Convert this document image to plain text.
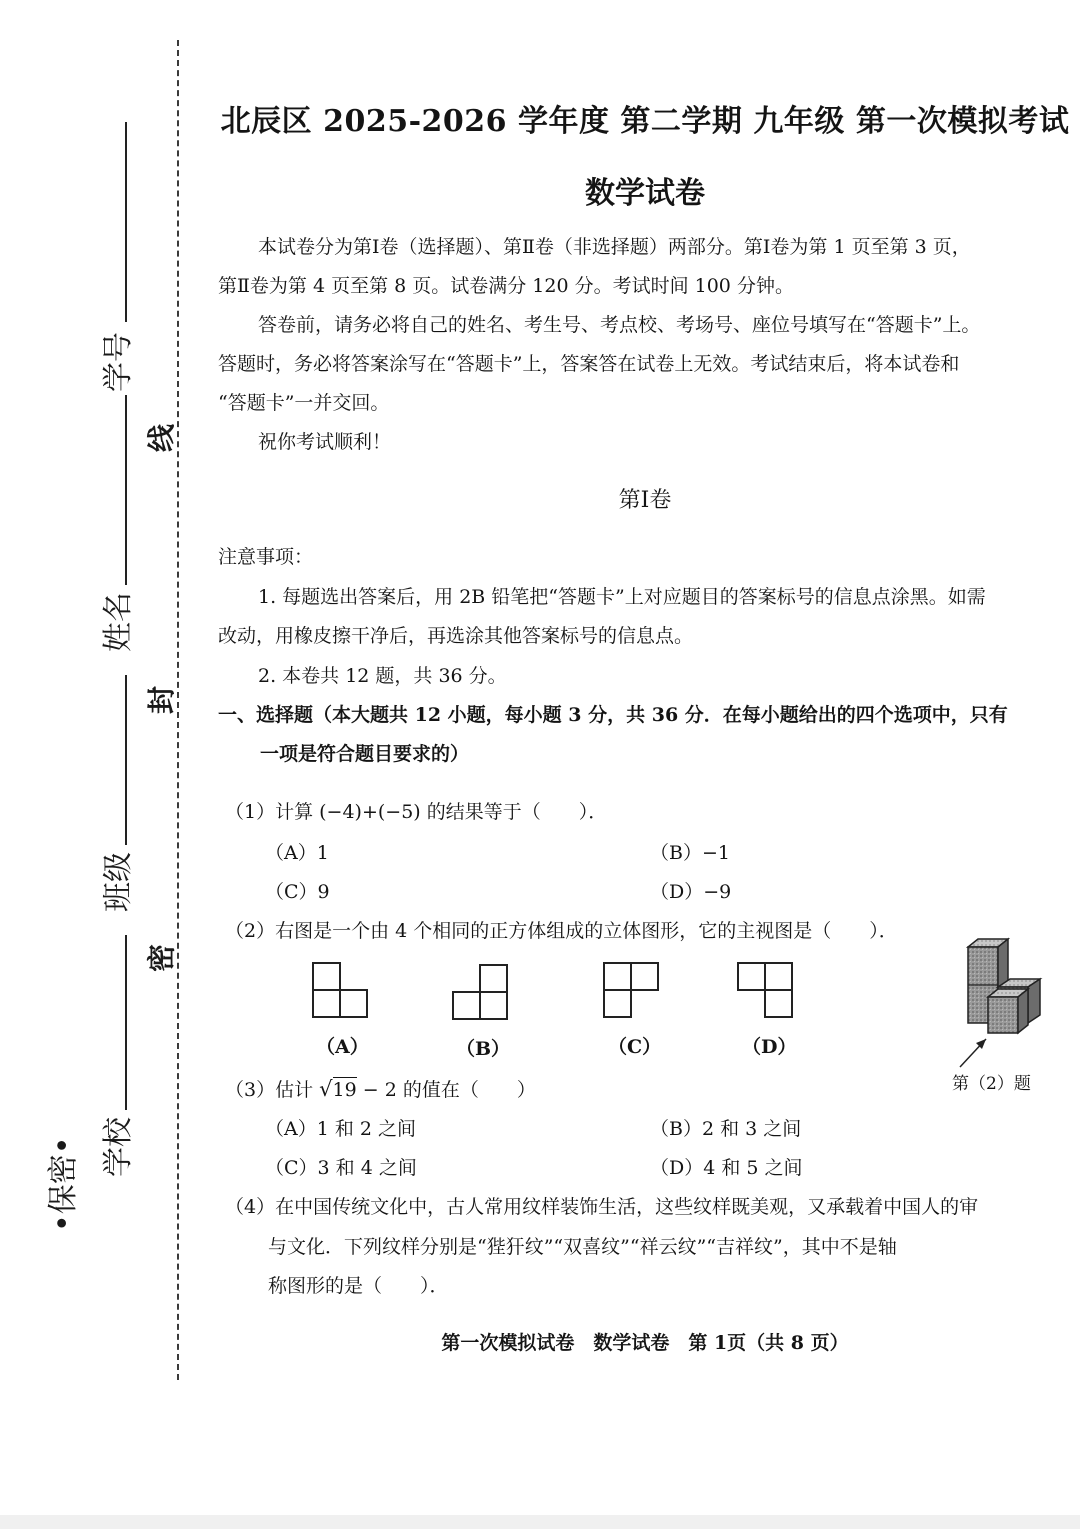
•保密• 学校
班级
姓名
学号
密
封
线
北辰区 2025-2026 学年度 第二学期 九年级 第一次模拟考试
数学试卷
本试卷分为第Ⅰ卷（选择题）、第Ⅱ卷（非选择题）两部分。第Ⅰ卷为第 1 页至第 3 页，
第Ⅱ卷为第 4 页至第 8 页。试卷满分 120 分。考试时间 100 分钟。
答卷前，请务必将自己的姓名、考生号、考点校、考场号、座位号填写在“答题卡”上。
答题时，务必将答案涂写在“答题卡”上，答案答在试卷上无效。考试结束后，将本试卷和
“答题卡”一并交回。
祝你考试顺利！
第Ⅰ卷
注意事项：
1. 每题选出答案后，用 2B 铅笔把“答题卡”上对应题目的答案标号的信息点涂黑。如需
改动，用橡皮擦干净后，再选涂其他答案标号的信息点。
2. 本卷共 12 题，共 36 分。
一、选择题（本大题共 12 小题，每小题 3 分，共 36 分．在每小题给出的四个选项中，只有
一项是符合题目要求的）
（1）计算 (−4)+(−5) 的结果等于（　　）．
（A）1	（B）−1
（C）9	（D）−9
（2）右图是一个由 4 个相同的正方体组成的立体图形，它的主视图是（　　）．
（A）	（B）	（C）	（D）
第（2）题
（3）估计 √19 − 2 的值在（　　）
（A）1 和 2 之间	（B）2 和 3 之间
（C）3 和 4 之间	（D）4 和 5 之间
（4）在中国传统文化中，古人常用纹样装饰生活，这些纹样既美观，又承载着中国人的审
与文化．下列纹样分别是“狴犴纹”“双喜纹”“祥云纹”“吉祥纹”，其中不是轴
称图形的是（　　）．
第一次模拟试卷　数学试卷　第 1页（共 8 页）
